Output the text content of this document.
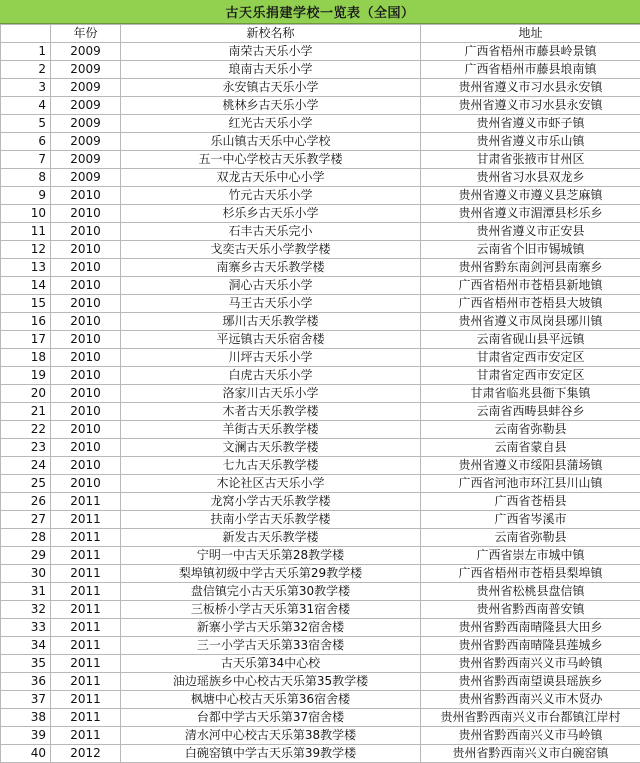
古天乐捐建学校一览表（全国）
	年份	新校名称	地址
1	2009	南荣古天乐小学	广西省梧州市藤县岭景镇
2	2009	琅南古天乐小学	广西省梧州市藤县埌南镇
3	2009	永安镇古天乐小学	贵州省遵义市习水县永安镇
4	2009	桃林乡古天乐小学	贵州省遵义市习水县永安镇
5	2009	红光古天乐小学	贵州省遵义市虾子镇
6	2009	乐山镇古天乐中心学校	贵州省遵义市乐山镇
7	2009	五一中心学校古天乐教学楼	甘肃省张掖市甘州区
8	2009	双龙古天乐中心小学	贵州省习水县双龙乡
9	2010	竹元古天乐小学	贵州省遵义市遵义县芝麻镇
10	2010	杉乐乡古天乐小学	贵州省遵义市湄潭县杉乐乡
11	2010	石丰古天乐完小	贵州省遵义市正安县
12	2010	戈奕古天乐小学教学楼	云南省个旧市锡城镇
13	2010	南寨乡古天乐教学楼	贵州省黔东南剑河县南寨乡
14	2010	洞心古天乐小学	广西省梧州市苍梧县新地镇
15	2010	马王古天乐小学	广西省梧州市苍梧县大坡镇
16	2010	琊川古天乐教学楼	贵州省遵义市凤岗县琊川镇
17	2010	平远镇古天乐宿舍楼	云南省砚山县平远镇
18	2010	川坪古天乐小学	甘肃省定西市安定区
19	2010	白虎古天乐小学	甘肃省定西市安定区
20	2010	洛家川古天乐小学	甘肃省临兆县衙下集镇
21	2010	木者古天乐教学楼	云南省西畴县蚌谷乡
22	2010	羊街古天乐教学楼	云南省弥勒县
23	2010	文澜古天乐教学楼	云南省蒙自县
24	2010	七九古天乐教学楼	贵州省遵义市绥阳县蒲场镇
25	2010	木论社区古天乐小学	广西省河池市环江县川山镇
26	2011	龙窝小学古天乐教学楼	广西省苍梧县
27	2011	扶南小学古天乐教学楼	广西省岑溪市
28	2011	新发古天乐教学楼	云南省弥勒县
29	2011	宁明一中古天乐第28教学楼	广西省崇左市城中镇
30	2011	梨埠镇初级中学古天乐第29教学楼	广西省梧州市苍梧县梨埠镇
31	2011	盘信镇完小古天乐第30教学楼	贵州省松桃县盘信镇
32	2011	三板桥小学古天乐第31宿舍楼	贵州省黔西南普安镇
33	2011	新寨小学古天乐第32宿舍楼	贵州省黔西南晴隆县大田乡
34	2011	三一小学古天乐第33宿舍楼	贵州省黔西南晴隆县莲城乡
35	2011	古天乐第34中心校	贵州省黔西南兴义市马岭镇
36	2011	油边瑶族乡中心校古天乐第35教学楼	贵州省黔西南望谟县瑶族乡
37	2011	枫塘中心校古天乐第36宿舍楼	贵州省黔西南兴义市木贤办
38	2011	台都中学古天乐第37宿舍楼	贵州省黔西南兴义市台都镇江岸村
39	2011	清水河中心校古天乐第38教学楼	贵州省黔西南兴义市马岭镇
40	2012	白碗窑镇中学古天乐第39教学楼	贵州省黔西南兴义市白碗窑镇
